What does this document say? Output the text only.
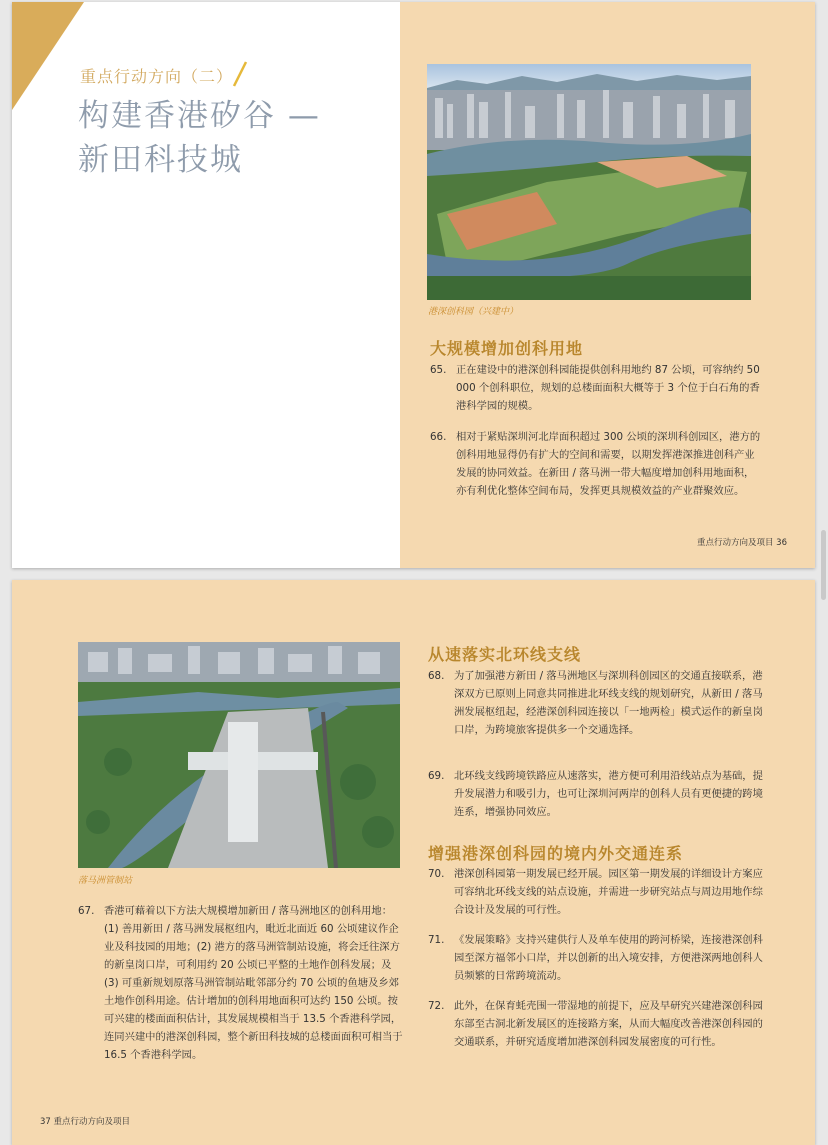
重点行动方向（二）
构建香港矽谷 —
新田科技城
港深创科园（兴建中）
大规模增加创科用地
65. 正在建设中的港深创科园能提供创科用地约 87 公顷，可容纳约 50 000 个创科职位，规划的总楼面面积大概等于 3 个位于白石角的香港科学园的规模。
66. 相对于紧贴深圳河北岸面积超过 300 公顷的深圳科创园区，港方的创科用地显得仍有扩大的空间和需要，以期发挥港深推进创科产业发展的协同效益。在新田 / 落马洲一带大幅度增加创科用地面积，亦有利优化整体空间布局，发挥更具规模效益的产业群聚效应。
重点行动方向及项目 36
落马洲管制站
67. 香港可藉着以下方法大规模增加新田 / 落马洲地区的创科用地：(1) 善用新田 / 落马洲发展枢纽内，毗近北面近 60 公顷建议作企业及科技园的用地；(2) 港方的落马洲管制站设施，将会迁往深方的新皇岗口岸，可利用约 20 公顷已平整的土地作创科发展；及 (3) 可重新规划原落马洲管制站毗邻部分约 70 公顷的鱼塘及乡郊土地作创科用途。估计增加的创科用地面积可达约 150 公顷。按可兴建的楼面面积估计，其发展规模相当于 13.5 个香港科学园，连同兴建中的港深创科园，整个新田科技城的总楼面面积可相当于 16.5 个香港科学园。
从速落实北环线支线
68. 为了加强港方新田 / 落马洲地区与深圳科创园区的交通直接联系，港深双方已原则上同意共同推进北环线支线的规划研究，从新田 / 落马洲发展枢纽起，经港深创科园连接以「一地两检」模式运作的新皇岗口岸，为跨境旅客提供多一个交通选择。
69. 北环线支线跨境铁路应从速落实，港方便可利用沿线站点为基础，提升发展潜力和吸引力，也可让深圳河两岸的创科人员有更便捷的跨境连系，增强协同效应。
增强港深创科园的境内外交通连系
70. 港深创科园第一期发展已经开展。园区第一期发展的详细设计方案应可容纳北环线支线的站点设施，并需进一步研究站点与周边用地作综合设计及发展的可行性。
71. 《发展策略》支持兴建供行人及单车使用的跨河桥梁，连接港深创科园至深方福邻小口岸，并以创新的出入境安排，方便港深两地创科人员频繁的日常跨境流动。
72. 此外，在保育蚝壳围一带湿地的前提下，应及早研究兴建港深创科园东部至古洞北新发展区的连接路方案，从而大幅度改善港深创科园的交通联系，并研究适度增加港深创科园发展密度的可行性。
37 重点行动方向及项目
